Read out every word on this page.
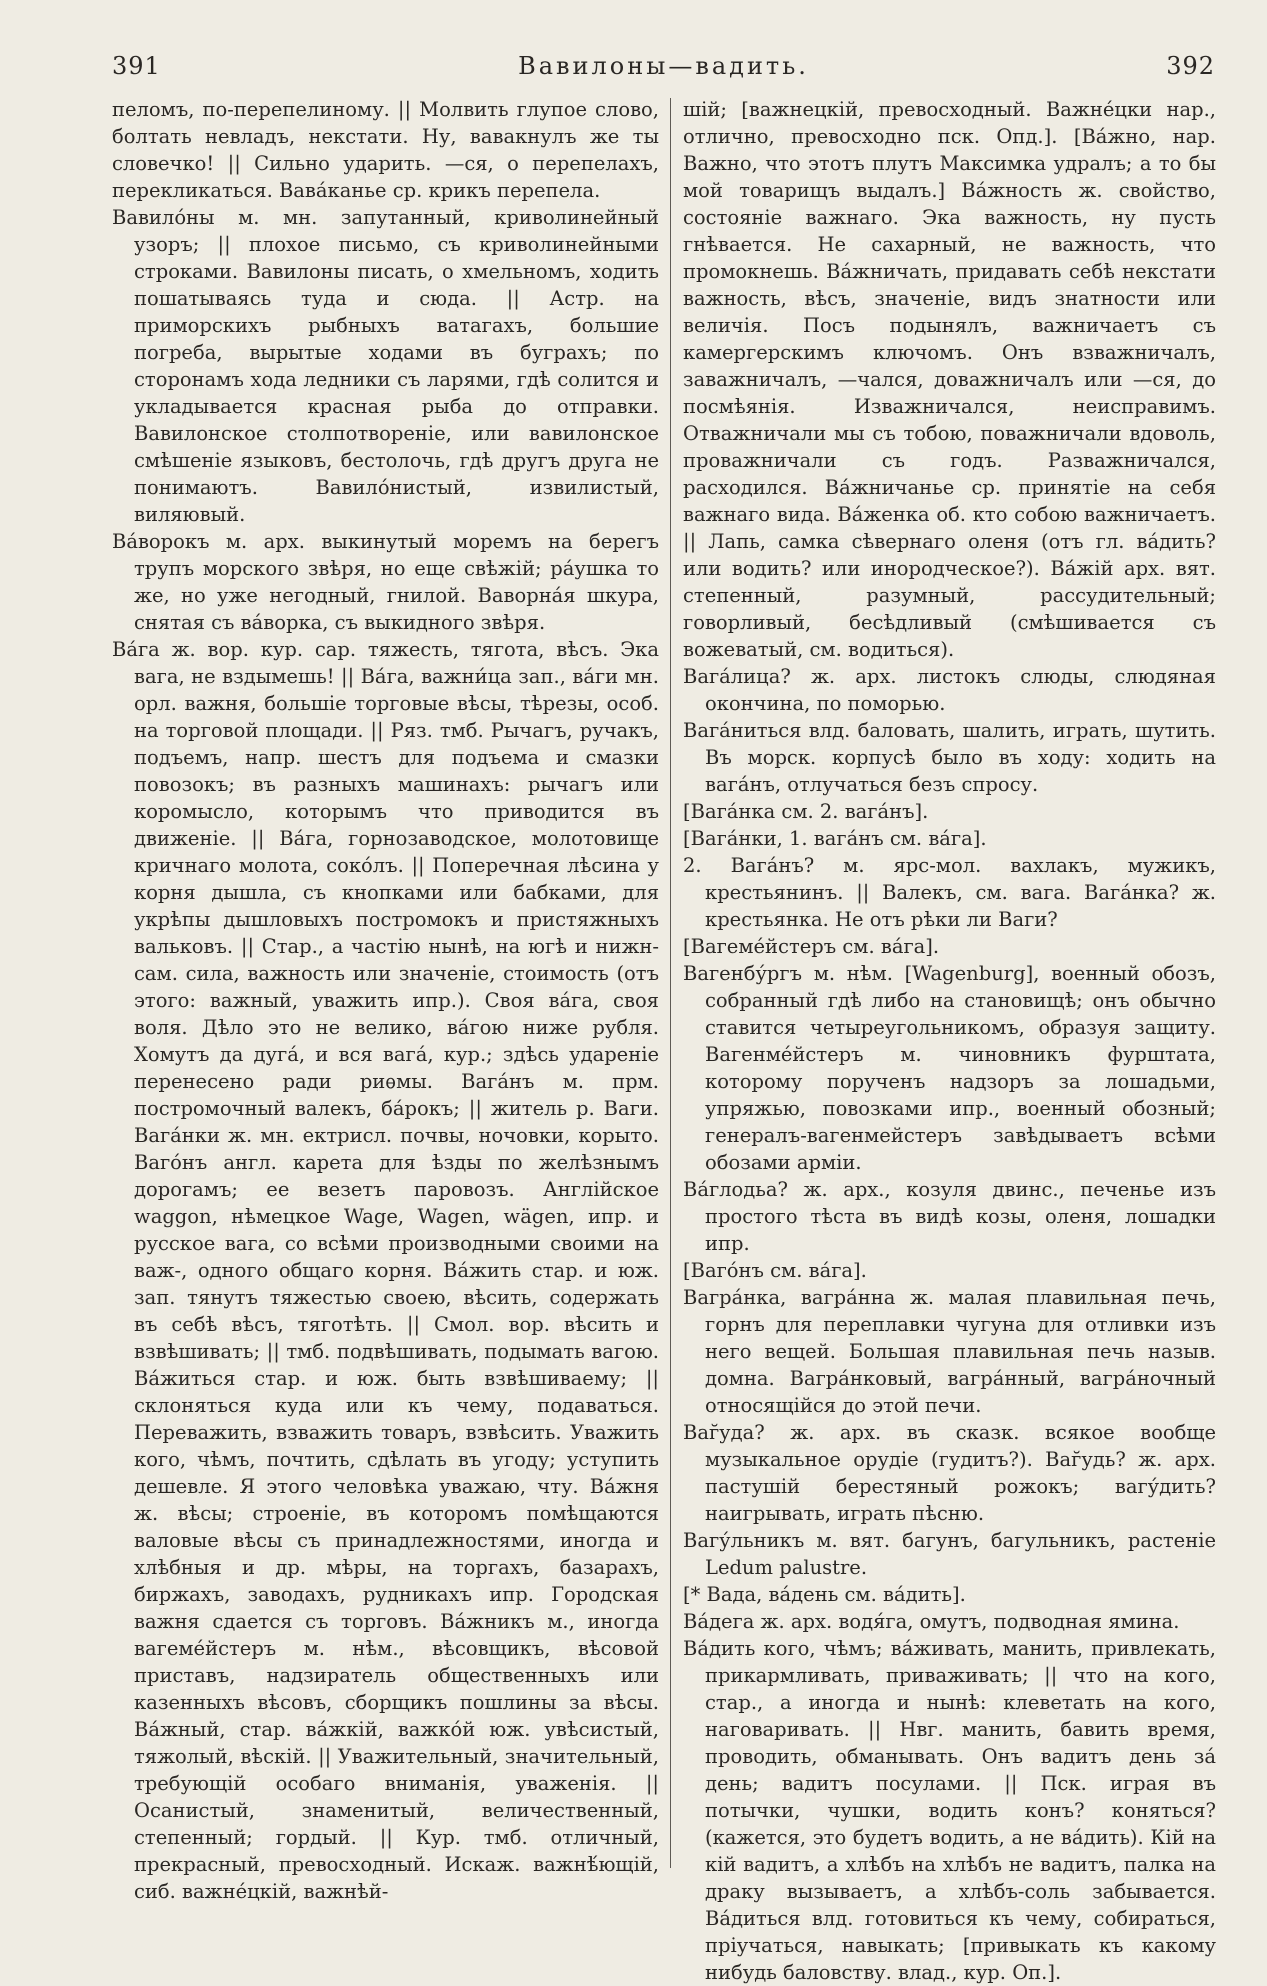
391	Вавилоны—вадить.	392

пеломъ, по-перепелиному. || Молвить глупое слово, болтать невладъ, некстати. Ну, вавакнулъ же ты словечко! || Сильно ударить. —ся, о перепелахъ, перекликаться. Вава́канье ср. крикъ перепела.

Вавило́ны м. мн. запутанный, криволинейный узоръ; || плохое письмо, съ криволинейными строками. Вавилоны писать, о хмельномъ, ходить пошатываясь туда и сюда. || Астр. на приморскихъ рыбныхъ ватагахъ, большие погреба, вырытые ходами въ буграхъ; по сторонамъ хода ледники съ ларями, гдѣ солится и укладывается красная рыба до отправки. Вавилонское столпотворенiе, или вавилонское смѣшенiе языковъ, бестолочь, гдѣ другъ друга не понимаютъ. Вавило́нистый, извилистый, виляювый.

Ва́ворокъ м. арх. выкинутый моремъ на берегъ трупъ морского звѣря, но еще свѣжiй; ра́ушка то же, но уже негодный, гнилой. Ваворна́я шкура, снятая съ ва́ворка, съ выкидного звѣря.

Ва́га ж. вор. кур. сар. тяжесть, тягота, вѣсъ. Эка вага, не вздымешь! || Ва́га, важни́ца зап., ва́ги мн. орл. важня, большiе торговые вѣсы, тѣрезы, особ. на торговой площади. || Ряз. тмб. Рычагъ, ручакъ, подъемъ, напр. шестъ для подъема и смазки повозокъ; въ разныхъ машинахъ: рычагъ или коромысло, которымъ что приводится въ движенiе. || Ва́га, горнозаводское, молотовище кричнаго молота, соко́лъ. || Поперечная лѣсина у корня дышла, съ кнопками или бабками, для укрѣпы дышловыхъ постромокъ и пристяжныхъ вальковъ. || Стар., а частiю нынѣ, на югѣ и нижн-сам. сила, важность или значенiе, стоимость (отъ этого: важный, уважить ипр.). Своя ва́га, своя воля. Дѣло это не велико, ва́гою ниже рубля. Хомутъ да дуга́, и вся вага́, кур.; здѣсь ударенiе перенесено ради риѳмы. Вага́нъ м. прм. постромочный валекъ, ба́рокъ; || житель р. Ваги. Вага́нки ж. мн. ектрисл. почвы, ночовки, корыто. Ваго́нъ англ. карета для ѣзды по желѣзнымъ дорогамъ; ее везетъ паровозъ. Англiйское waggon, нѣмецкое Wage, Wagen, wägen, ипр. и русское вага, со всѣми производными своими на важ-, одного общаго корня. Ва́жить стар. и юж. зап. тянутъ тяжестью своею, вѣсить, содержать въ себѣ вѣсъ, тяготѣть. || Смол. вор. вѣсить и взвѣшивать; || тмб. подвѣшивать, подымать вагою. Ва́житься стар. и юж. быть взвѣшиваему; || склоняться куда или къ чему, подаваться. Переважить, взважить товаръ, взвѣсить. Уважить кого, чѣмъ, почтить, сдѣлать въ угоду; уступить дешевле. Я этого человѣка уважаю, чту. Ва́жня ж. вѣсы; строенiе, въ которомъ помѣщаются валовые вѣсы съ принадлежностями, иногда и хлѣбныя и др. мѣры, на торгахъ, базарахъ, биржахъ, заводахъ, рудникахъ ипр. Городская важня сдается съ торговъ. Ва́жникъ м., иногда вагеме́йстеръ м. нѣм., вѣсовщикъ, вѣсовой приставъ, надзиратель общественныхъ или казенныхъ вѣсовъ, сборщикъ пошлины за вѣсы. Ва́жный, стар. ва́жкiй, важко́й юж. увѣсистый, тяжолый, вѣскiй. || Уважительный, значительный, требующiй особаго вниманiя, уваженiя. || Осанистый, знаменитый, величественный, степенный; гордый. || Кур. тмб. отличный, прекрасный, превосходный. Искаж. важнѣ́ющiй, сиб. важне́цкiй, важнѣй-

шiй; [важнецкiй, превосходный. Важне́цки нар., отлично, превосходно пск. Опд.]. [Ва́жно, нар. Важно, что этотъ плутъ Максимка удралъ; а то бы мой товарищъ выдалъ.] Ва́жность ж. свойство, состоянiе важнаго. Эка важность, ну пусть гнѣвается. Не сахарный, не важность, что промокнешь. Ва́жничать, придавать себѣ некстати важность, вѣсъ, значенiе, видъ знатности или величiя. Посъ подынялъ, важничаетъ съ камергерскимъ ключомъ. Онъ взважничалъ, заважничалъ, —чался, доважничалъ или —ся, до посмѣянiя. Изважничался, неисправимъ. Отважничали мы съ тобою, поважничали вдоволь, проважничали съ годъ. Разважничался, расходился. Ва́жничанье ср. принятiе на себя важнаго вида. Ва́женка об. кто собою важничаетъ. || Лапь, самка сѣвернаго оленя (отъ гл. ва́дить? или водить? или инородческое?). Ва́жiй арх. вят. степенный, разумный, рассудительный; говорливый, бесѣдливый (смѣшивается съ вожеватый, см. водиться).

Вага́лица? ж. арх. листокъ слюды, слюдяная окончина, по поморью.

Вага́ниться влд. баловать, шалить, играть, шутить. Въ морск. корпусѣ было въ ходу: ходить на вага́нъ, отлучаться безъ спросу.

[Вага́нка см. 2. вага́нъ].

[Вага́нки, 1. вага́нъ см. ва́га].

2. Вага́нъ? м. ярс-мол. вахлакъ, мужикъ, крестьянинъ. || Валекъ, см. вага. Вага́нка? ж. крестьянка. Не отъ рѣки ли Ваги?

[Вагеме́йстеръ см. ва́га].

Вагенбу́ргъ м. нѣм. [Wagenburg], военный обозъ, собранный гдѣ либо на становищѣ; онъ обычно ставится четыреугольникомъ, образуя защиту. Вагенме́йстеръ м. чиновникъ фурштата, которому порученъ надзоръ за лошадьми, упряжью, повозками ипр., военный обозный; генералъ-вагенмейстеръ завѣдываетъ всѣми обозами армiи.

Ва́глодьа? ж. арх., козуля двинс., печенье изъ простого тѣста въ видѣ козы, оленя, лошадки ипр.

[Ваго́нъ см. ва́га].

Вагра́нка, вагра́нна ж. малая плавильная печь, горнъ для переплавки чугуна для отливки изъ него вещей. Большая плавильная печь назыв. домна. Вагра́нковый, вагра́нный, вагра́ночный относящiйся до этой печи.

Ваг̆уда? ж. арх. въ сказк. всякое вообще музыкальное орудiе (гудитъ?). Ваг̆удь? ж. арх. пастушiй берестяный рожокъ; вагу́дить? наигрывать, играть пѣсню.

Вагу́льникъ м. вят. багунъ, багульникъ, растенiе Ledum palustre.

[* Вада, ва́день см. ва́дить].

Ва́дега ж. арх. водя́га, омутъ, подводная ямина.

Ва́дить кого, чѣмъ; ва́живать, манить, привлекать, прикармливать, приваживать; || что на кого, стар., а иногда и нынѣ: клеветать на кого, наговаривать. || Нвг. манить, бавить время, проводить, обманывать. Онъ вадитъ день за́ день; вадитъ посулами. || Пск. играя въ потычки, чушки, водить конъ? коняться? (кажется, это будетъ водить, а не ва́дить). Кiй на кiй вадитъ, а хлѣбъ на хлѣбъ не вадитъ, палка на драку вызываетъ, а хлѣбъ-соль забывается. Ва́диться влд. готовиться къ чему, собираться, прiучаться, навыкать; [привыкать къ какому нибудь баловству. влад., кур. Оп.].
